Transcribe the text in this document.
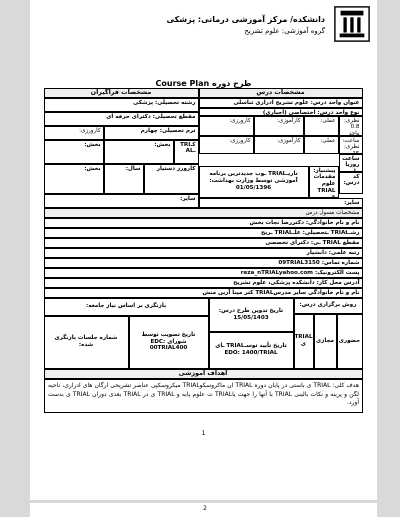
دانشکده/ مرکز آموزشی درمانی: پزشکی
گروه آموزشی: علوم تشریح
طرح دوره Course Plan
مشخصات فراگیران	مشخصات درس
عنوان واحد درس: علوم تشریح ادراری تناسلی
رشته تحصیلی: پزشکی
نوع واحد درس: اختصاصی (اجباری)
مقطع تحصیلی: دکترای حرفه ای
نظری: 0.8 واحد
عملی:
کارآموزی:
کارورزی:
ترم تحصیلی: چهارم
کارورزی:
ساعت: نظری: 15
عملی:
کارآموزی:
کارورزی:
کـTRI ـAL
بخش:
بخش:
ساعت روزیا ماه
کد درس:
پیشنیاز: مقدمات علوم TRIAL ح
تاریـTRIAL ـوب جدیدترین برنامه آموزشی توسط وزارت بهداشت: 01/05/1396
کارورز دستیار
سال:
بخش:
سایر:
سایر:
مشخصات مسول درس
نام و نام خانوادگی: دکتررضا نجات بخش
رشـTRIAL ـتحصیلی: علـTRIAL ـریح
مقطع TRIAL ـی: دکترای تخصصی
رتبه علمی: دانشیار
شماره تماس: 09TRIAL3150
پست الکترونیک: reza_nTRIALyahoo.com
آدرس محل کار: دانشکده پزشکی، علوم تشریح
نام و نام خانوادگی سایر مدرسTRIAL کتر مینا آرین منش
روش برگزاری درس:
حضوری
مجازی
TRIAL ی
تاریخ تدوین طرح درس: 15/05/1403
تاریخ تأیید توسـTRIAL ـای EDO: 1400/TRIAL
بازنگری بر اساس نیاز جامعه:
تاریخ تصویب توسط شورای EDC: 00TRIAL400
شماره جلسات بازنگری شده:
اهداف آموزشی
هدف کلی: TRIAL ی باستی در پایان دوره TRIAL ان ماکروسکوTRIAL میکروسکپی عناصر تشریحی ارگان های ادراری، ناحیه لگن و پرینه و نکات بالینی TRIAL با آنها را جهت یاTRIAL ت علوم پایه و TRIAL ی در TRIAL بعدی دوران TRIAL ی بدست آورد.
1
2
